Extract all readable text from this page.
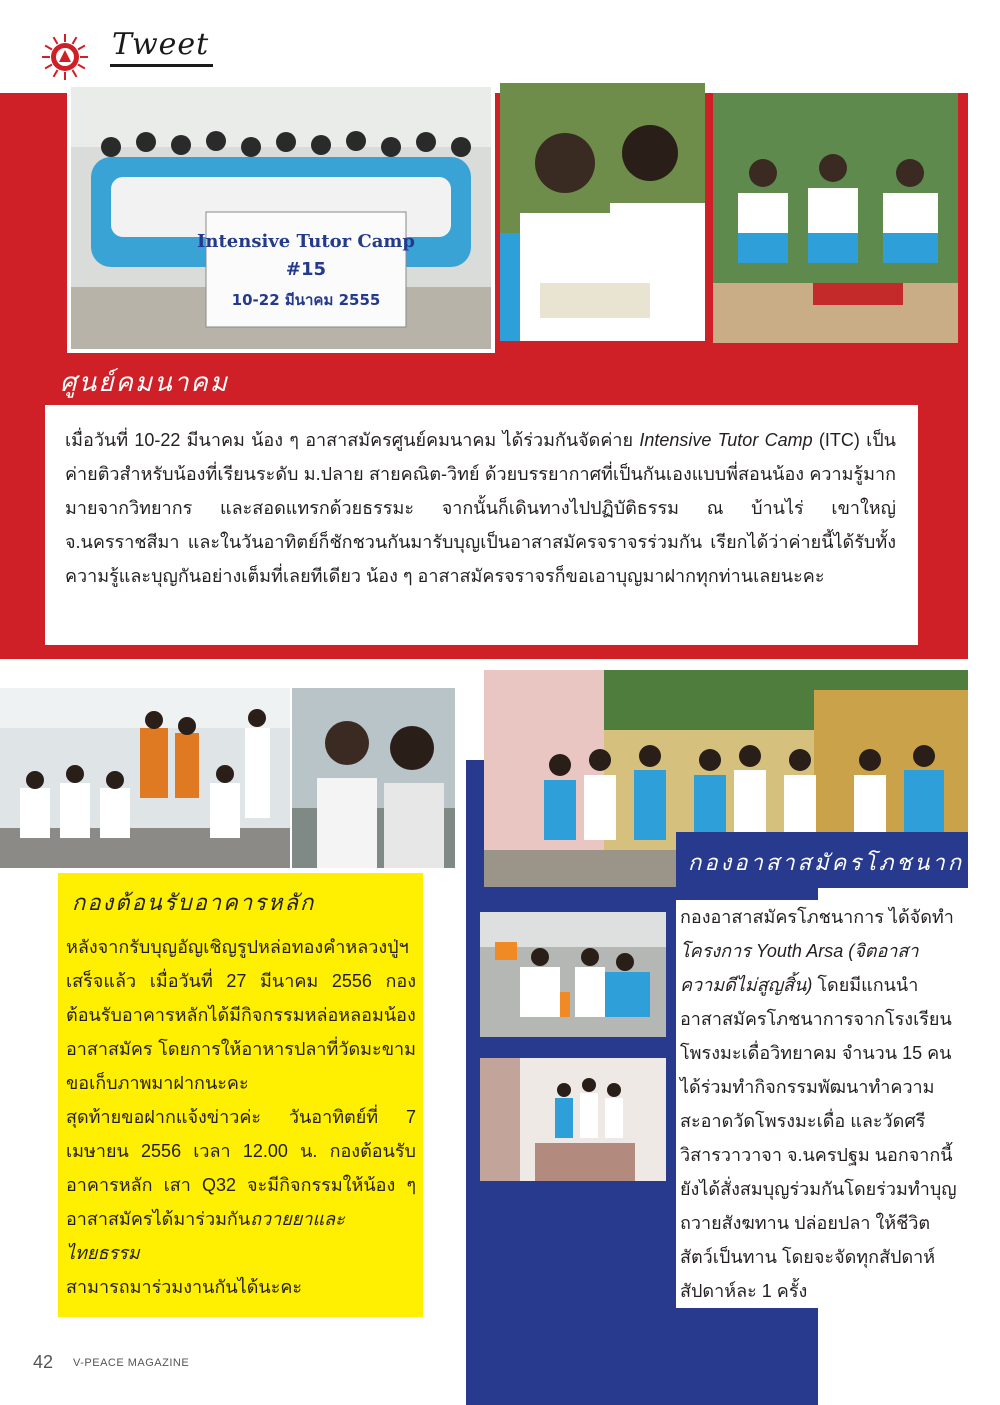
Tweet
Intensive Tutor Camp
#15
10-22 มีนาคม 2555
ศูนย์คมนาคม
เมื่อวันที่ 10-22 มีนาคม น้อง ๆ อาสาสมัครศูนย์คมนาคม ได้ร่วมกันจัดค่าย Intensive Tutor Camp (ITC) เป็นค่ายติวสำหรับน้องที่เรียนระดับ ม.ปลาย สายคณิต-วิทย์ ด้วยบรรยากาศที่เป็นกันเองแบบพี่สอนน้อง ความรู้มากมายจากวิทยากร และสอดแทรกด้วยธรรมะ จากนั้นก็เดินทางไปปฏิบัติธรรม ณ บ้านไร่ เขาใหญ่ จ.นครราชสีมา และในวันอาทิตย์ก็ชักชวนกันมารับบุญเป็นอาสาสมัครจราจรร่วมกัน เรียกได้ว่าค่ายนี้ได้รับทั้งความรู้และบุญกันอย่างเต็มที่เลยทีเดียว น้อง ๆ อาสาสมัครจราจรก็ขอเอาบุญมาฝากทุกท่านเลยนะคะ
กองต้อนรับอาคารหลัก
หลังจากรับบุญอัญเชิญรูปหล่อทองคำหลวงปู่ฯ เสร็จแล้ว เมื่อวันที่ 27 มีนาคม 2556 กองต้อนรับอาคารหลักได้มีกิจกรรมหล่อหลอมน้องอาสาสมัคร โดยการให้อาหารปลาที่วัดมะขาม ขอเก็บภาพมาฝากนะคะ
สุดท้ายขอฝากแจ้งข่าวค่ะ วันอาทิตย์ที่ 7 เมษายน 2556 เวลา 12.00 น. กองต้อนรับอาคารหลัก เสา Q32 จะมีกิจกรรมให้น้อง ๆ อาสาสมัครได้มาร่วมกันถวายยาและไทยธรรม
สามารถมาร่วมงานกันได้นะคะ
กองอาสาสมัครโภชนาการ
กองอาสาสมัครโภชนาการ ได้จัดทำ โครงการ Youth Arsa (จิตอาสา ความดีไม่สูญสิ้น) โดยมีแกนนำอาสาสมัครโภชนาการจากโรงเรียนโพรงมะเดื่อวิทยาคม จำนวน 15 คน ได้ร่วมทำกิจกรรมพัฒนาทำความสะอาดวัดโพรงมะเดื่อ และวัดศรีวิสารวาวาจา จ.นครปฐม นอกจากนี้ยังได้สั่งสมบุญร่วมกันโดยร่วมทำบุญถวายสังฆทาน ปล่อยปลา ให้ชีวิตสัตว์เป็นทาน โดยจะจัดทุกสัปดาห์ สัปดาห์ละ 1 ครั้ง
42 V-PEACE MAGAZINE
